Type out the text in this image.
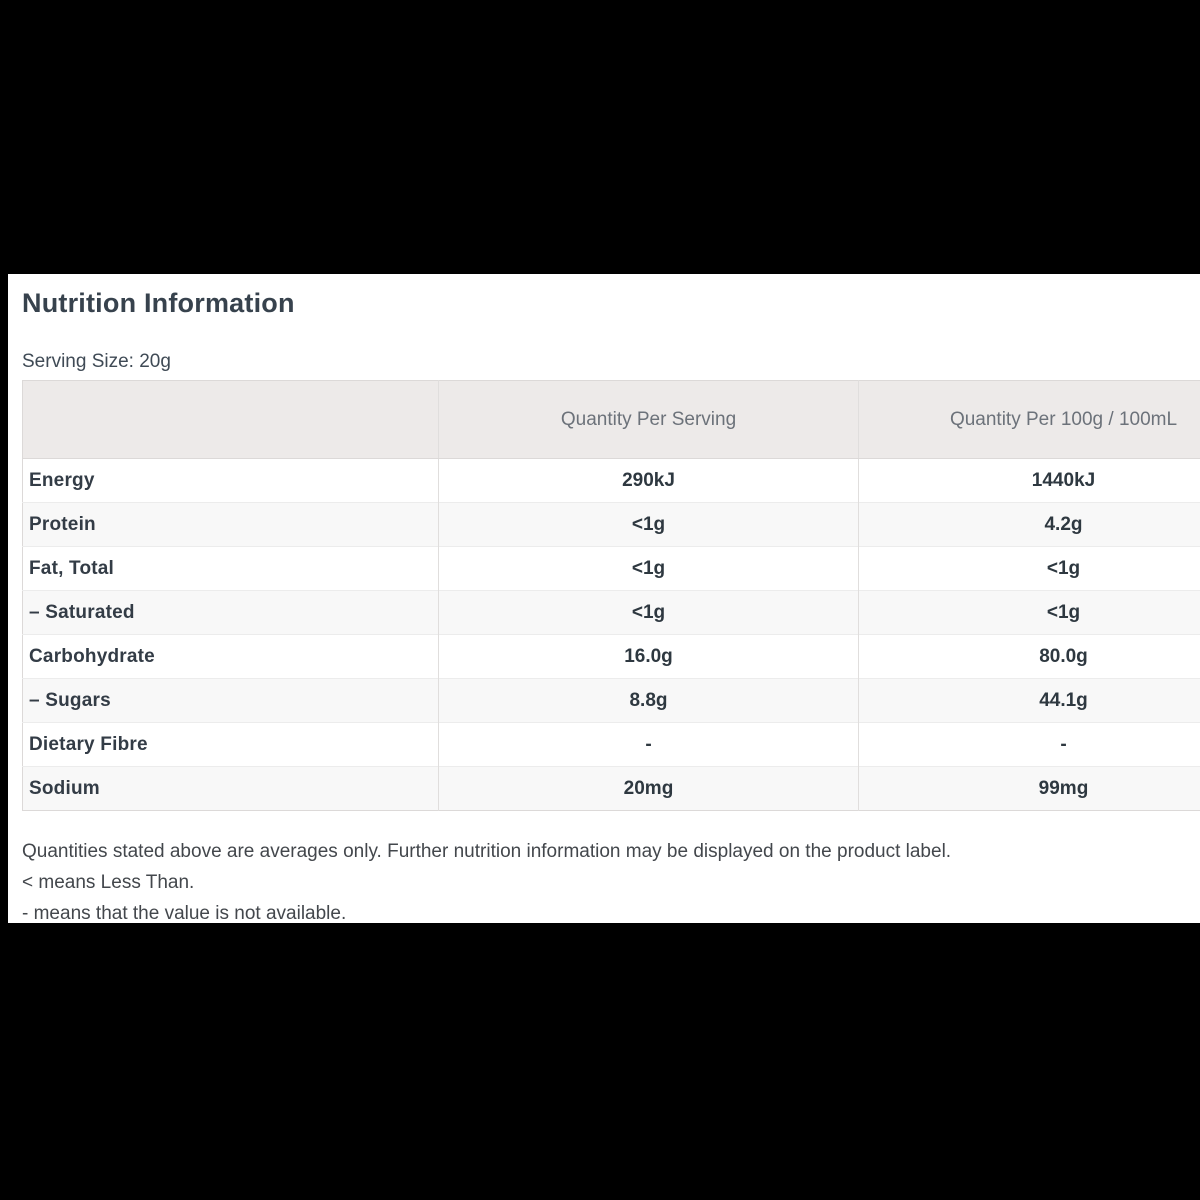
Nutrition Information
Serving Size: 20g
	Quantity Per Serving	Quantity Per 100g / 100mL
Energy	290kJ	1440kJ
Protein	<1g	4.2g
Fat, Total	<1g	<1g
– Saturated	<1g	<1g
Carbohydrate	16.0g	80.0g
– Sugars	8.8g	44.1g
Dietary Fibre	-	-
Sodium	20mg	99mg
Quantities stated above are averages only. Further nutrition information may be displayed on the product label.
< means Less Than.
- means that the value is not available.
